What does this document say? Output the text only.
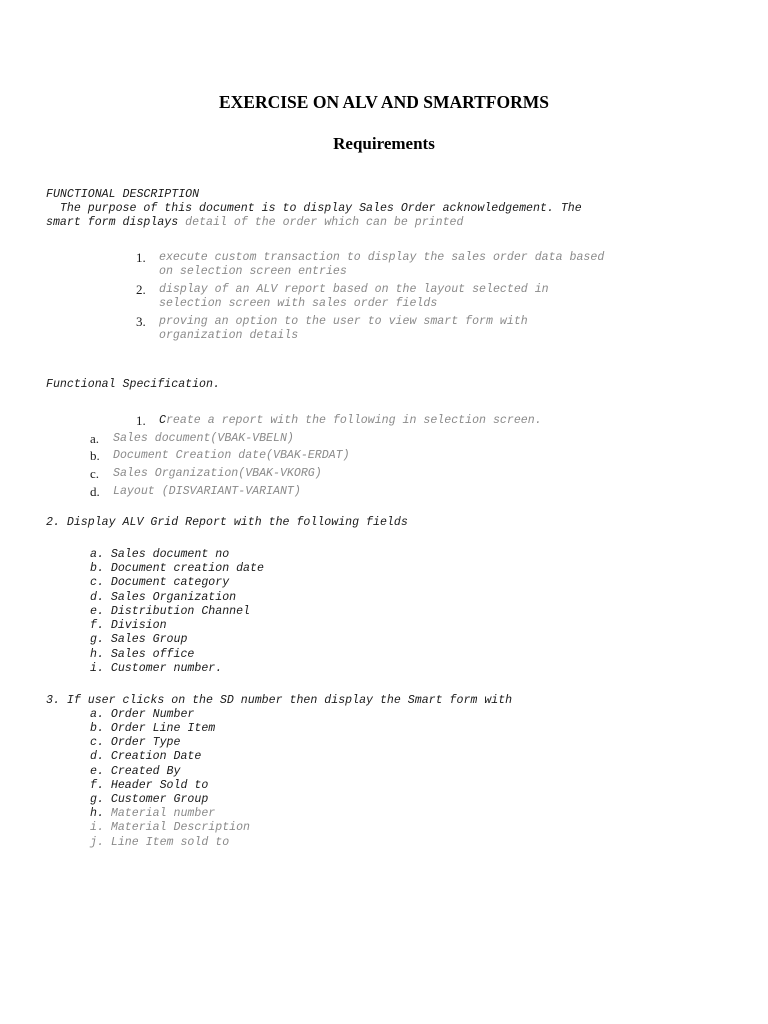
EXERCISE ON ALV AND SMARTFORMS
Requirements
FUNCTIONAL DESCRIPTION
The purpose of this document is to display Sales Order acknowledgement. The
smart form displays detail of the order which can be printed
1. execute custom transaction to display the sales order data based
on selection screen entries
2. display of an ALV report based on the layout selected in
selection screen with sales order fields
3. proving an option to the user to view smart form with
organization details
Functional Specification.
1. Create a report with the following in selection screen.
a. Sales document(VBAK-VBELN)
b. Document Creation date(VBAK-ERDAT)
c. Sales Organization(VBAK-VKORG)
d. Layout (DISVARIANT-VARIANT)
2. Display ALV Grid Report with the following fields
a. Sales document no
b. Document creation date
c. Document category
d. Sales Organization
e. Distribution Channel
f. Division
g. Sales Group
h. Sales office
i. Customer number.
3. If user clicks on the SD number then display the Smart form with
a. Order Number
b. Order Line Item
c. Order Type
d. Creation Date
e. Created By
f. Header Sold to
g. Customer Group
h. Material number
i. Material Description
j. Line Item sold to
